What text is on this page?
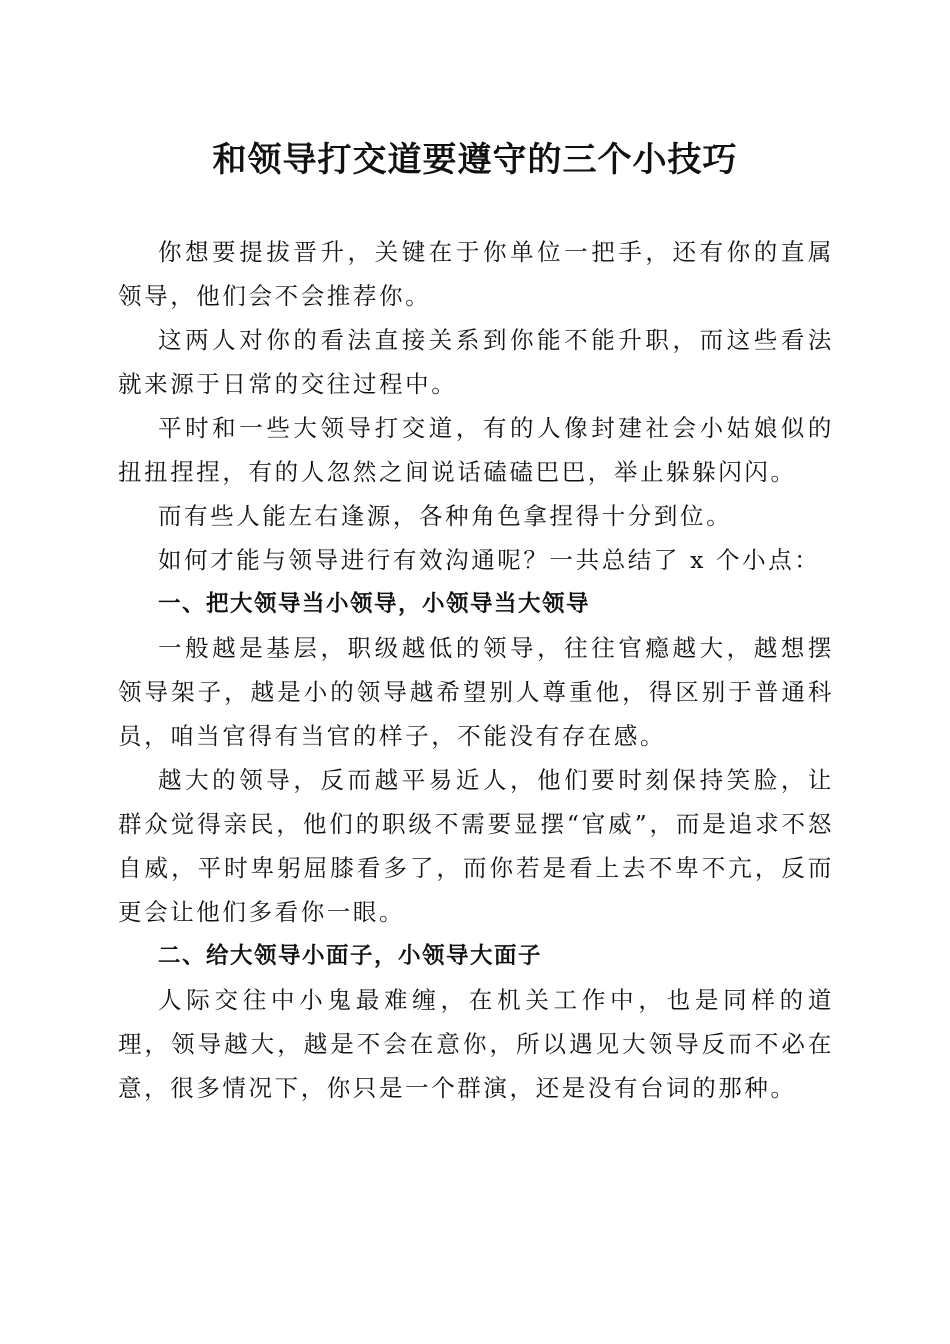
和领导打交道要遵守的三个小技巧

你想要提拔晋升，关键在于你单位一把手，还有你的直属领导，他们会不会推荐你。

这两人对你的看法直接关系到你能不能升职，而这些看法就来源于日常的交往过程中。

平时和一些大领导打交道，有的人像封建社会小姑娘似的扭扭捏捏，有的人忽然之间说话磕磕巴巴，举止躲躲闪闪。

而有些人能左右逢源，各种角色拿捏得十分到位。

如何才能与领导进行有效沟通呢？一共总结了 x 个小点：

一、把大领导当小领导，小领导当大领导

一般越是基层，职级越低的领导，往往官瘾越大，越想摆领导架子，越是小的领导越希望别人尊重他，得区别于普通科员，咱当官得有当官的样子，不能没有存在感。

越大的领导，反而越平易近人，他们要时刻保持笑脸，让群众觉得亲民，他们的职级不需要显摆“官威”，而是追求不怒自威，平时卑躬屈膝看多了，而你若是看上去不卑不亢，反而更会让他们多看你一眼。

二、给大领导小面子，小领导大面子

人际交往中小鬼最难缠，在机关工作中，也是同样的道理，领导越大，越是不会在意你，所以遇见大领导反而不必在意，很多情况下，你只是一个群演，还是没有台词的那种。
